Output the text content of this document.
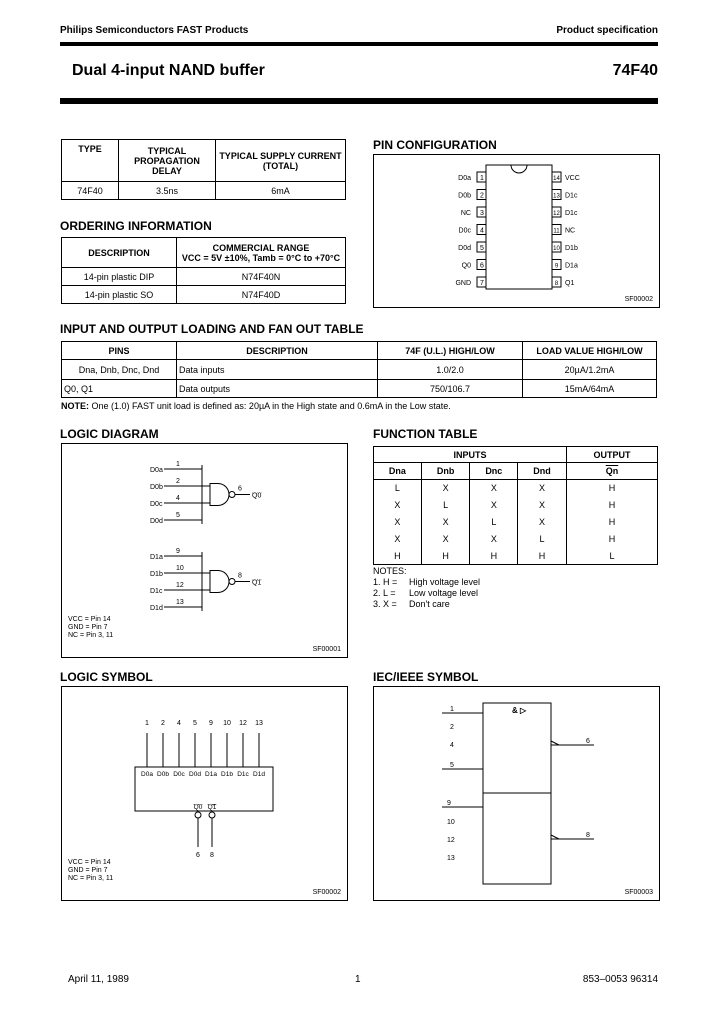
Philips Semiconductors FAST Products	Product specification
Dual 4-input NAND buffer	74F40
TYPE	TYPICAL PROPAGATION DELAY	TYPICAL SUPPLY CURRENT (TOTAL)
74F40	3.5ns	6mA
ORDERING INFORMATION
DESCRIPTION	COMMERCIAL RANGE
VCC = 5V ±10%, Tamb = 0°C to +70°C

14-pin plastic DIP	N74F40N
14-pin plastic SO	N74F40D
PIN CONFIGURATION
1
D0a
2
D0b
3
NC
4
D0c
5
D0d
6
Q0
7
GND
14 VCC
13 D1c
12 D1c
11 NC
10 D1b
9 D1a
8 Q1
SF00002
INPUT AND OUTPUT LOADING AND FAN OUT TABLE
PINS	DESCRIPTION	74F (U.L.) HIGH/LOW	LOAD VALUE HIGH/LOW
Dna, Dnb, Dnc, Dnd	Data inputs	1.0/2.0	20µA/1.2mA
Q0, Q1	Data outputs	750/106.7	15mA/64mA
NOTE: One (1.0) FAST unit load is defined as: 20µA in the High state and 0.6mA in the Low state.
LOGIC DIAGRAM
D0a
1
D0b
2
D0c
4
D0d
5
6
Q0
D1a
9
D1b
10
D1c
12
D1d
13
8
Q1
VCC = Pin 14
GND = Pin 7
NC = Pin 3, 11
SF00001
FUNCTION TABLE
INPUTS				OUTPUT
Dna	Dnb	Dnc	Dnd	$\overline{Qn}$
L	X	X	X	H
X	L	X	X	H
X	X	L	X	H
X	X	X	L	H
H	H	H	H	L
NOTES:
1. H =High voltage level
2. L =Low voltage level
3. X =Don't care
LOGIC SYMBOL
1
D0a
2
D0b
4
D0c
5
D0d
9
D1a
10
D1b
12
D1c
13
D1d
Q0
6
Q1
8
VCC = Pin 14
GND = Pin 7
NC = Pin 3, 11
SF00002
IEC/IEEE SYMBOL
1
2
4
5
6
9
10
12
13
8
& ▷
SF00003
April 11, 1989	1	853–0053 96314
